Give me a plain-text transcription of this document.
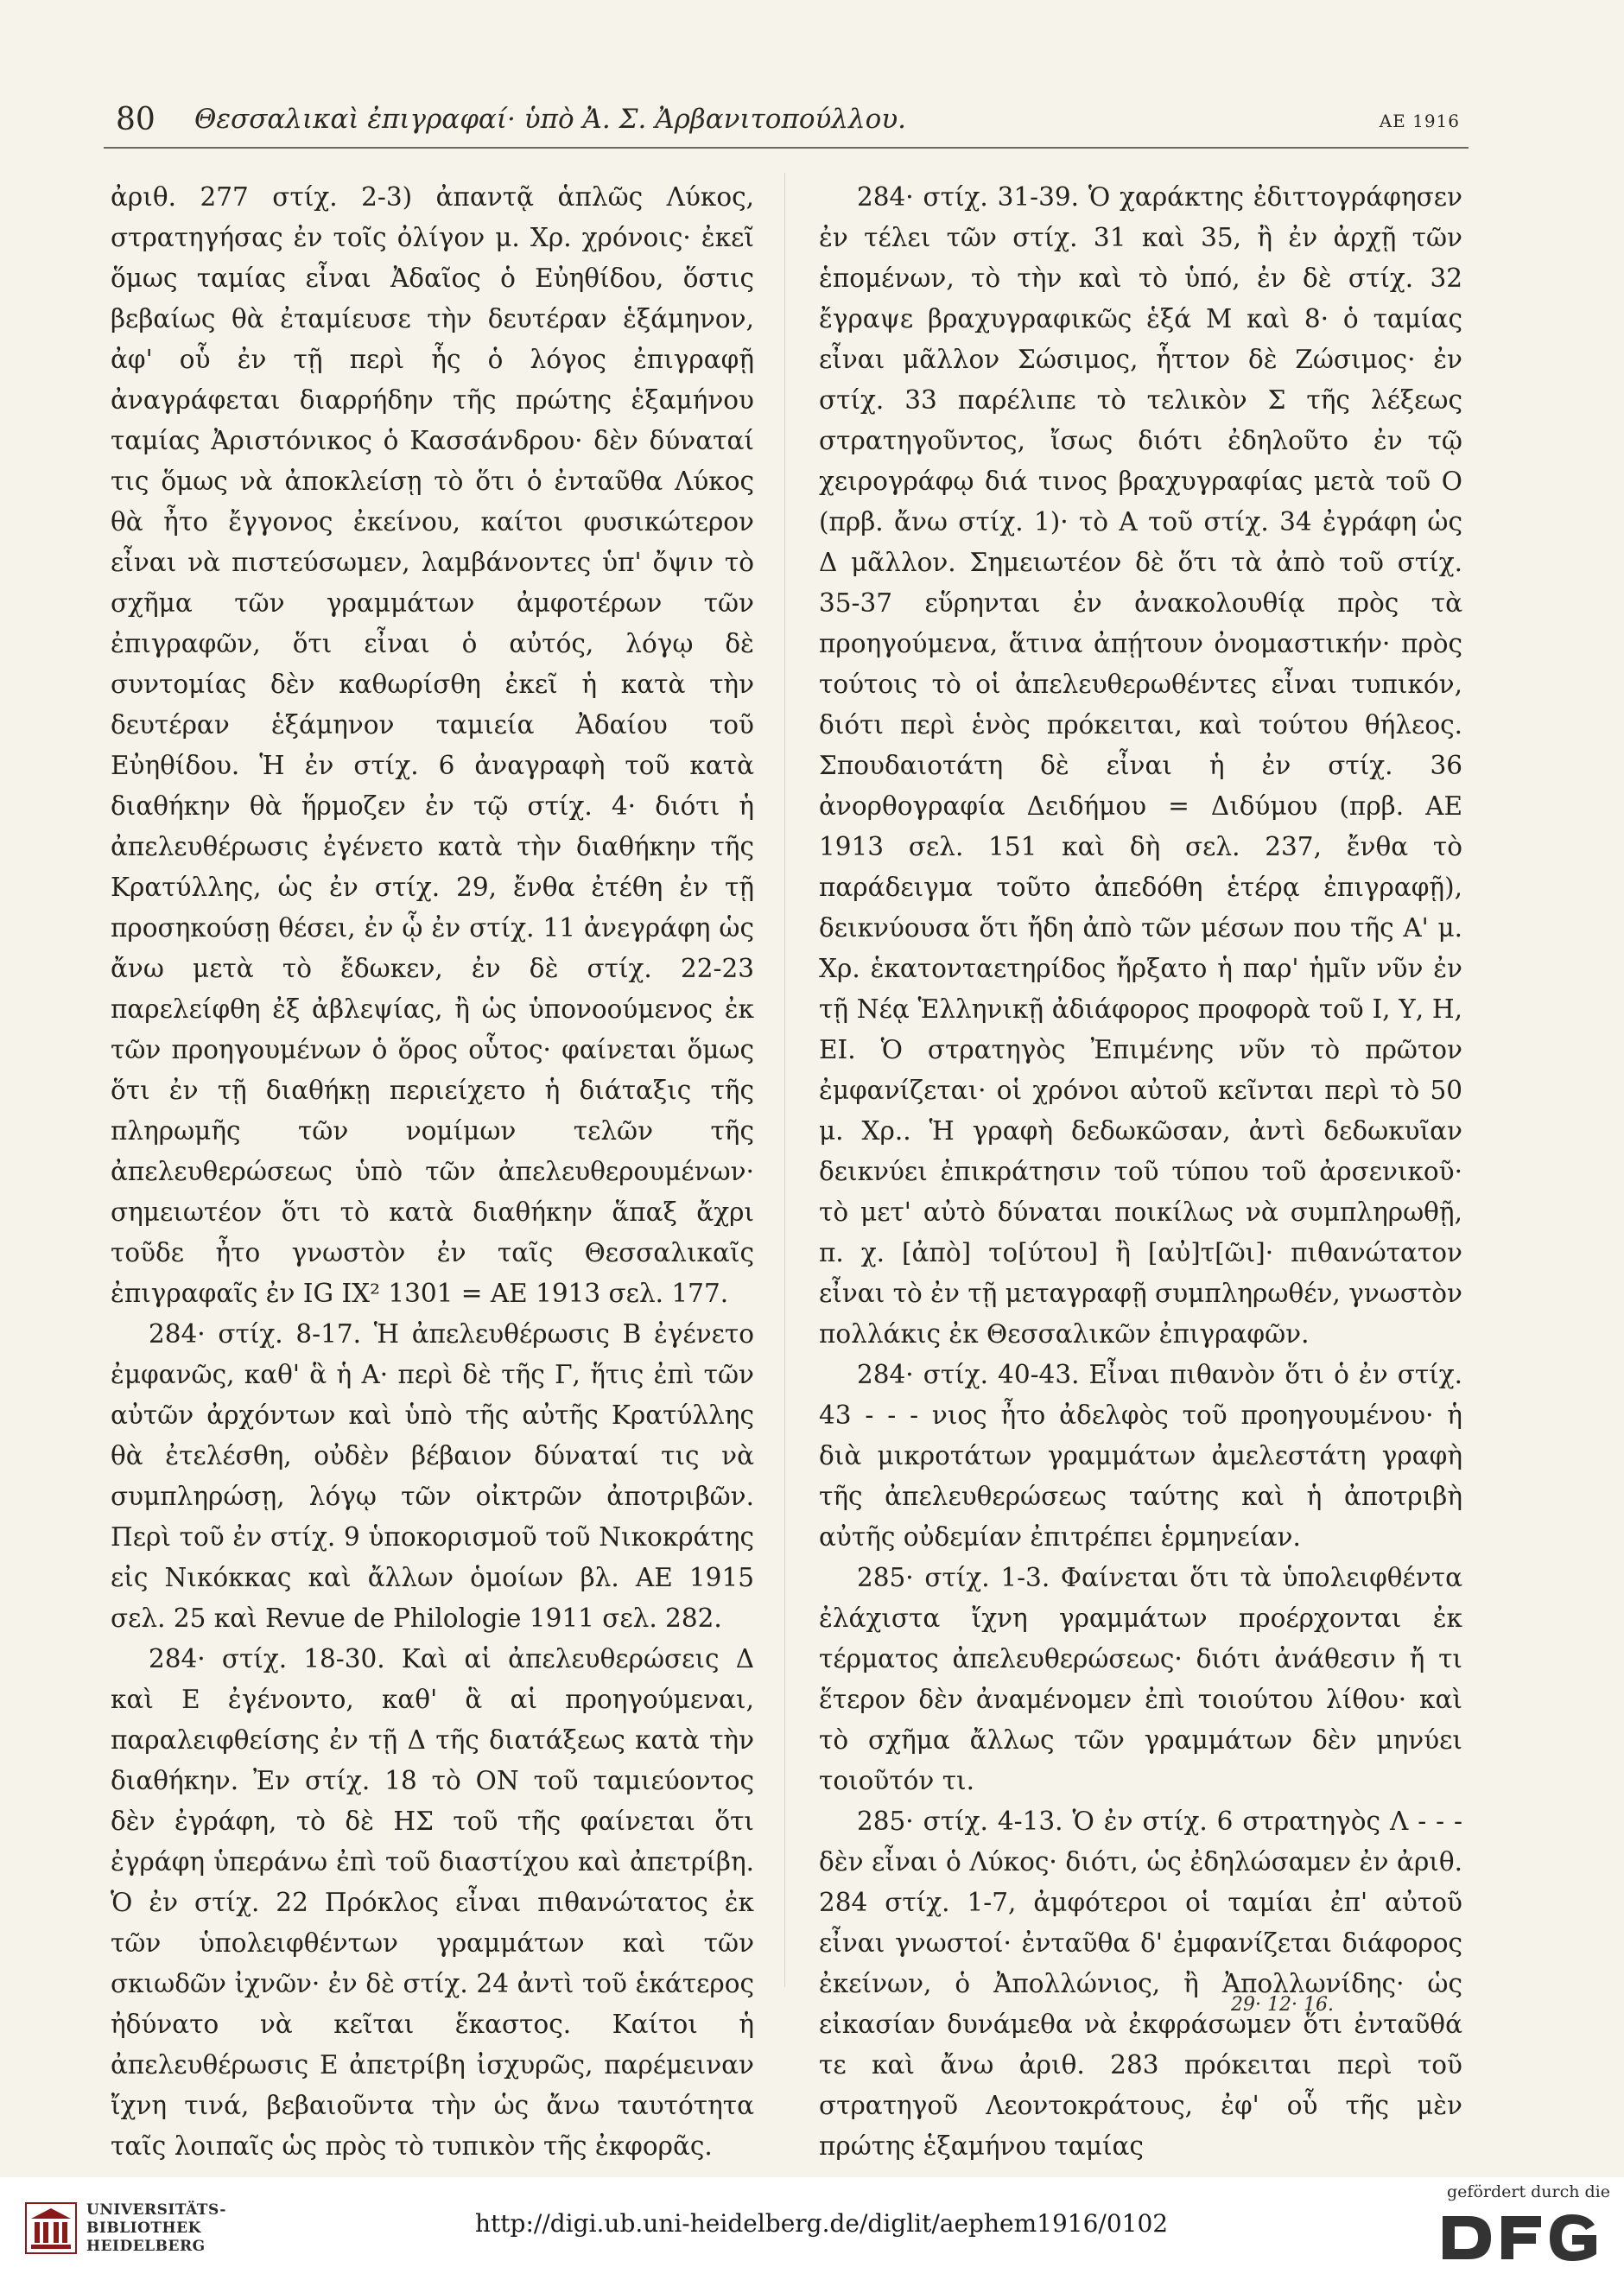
80 Θεσσαλικαὶ ἐπιγραφαί· ὑπὸ Ἀ. Σ. Ἀρβανιτοπούλλου.	ΑΕ 1916

ἀριθ. 277 στίχ. 2-3) ἀπαντᾷ ἁπλῶς Λύκος, στρατηγήσας ἐν τοῖς ὀλίγον μ. Χρ. χρόνοις· ἐκεῖ ὅμως ταμίας εἶναι Ἀδαῖος ὁ Εὐηθίδου, ὅστις βεβαίως θὰ ἐταμίευσε τὴν δευτέραν ἑξάμηνον, ἀφ' οὗ ἐν τῇ περὶ ἧς ὁ λόγος ἐπιγραφῇ ἀναγράφεται διαρρήδην τῆς πρώτης ἑξαμήνου ταμίας Ἀριστόνικος ὁ Κασσάνδρου· δὲν δύναταί τις ὅμως νὰ ἀποκλείσῃ τὸ ὅτι ὁ ἐνταῦθα Λύκος θὰ ἦτο ἔγγονος ἐκείνου, καίτοι φυσικώτερον εἶναι νὰ πιστεύσωμεν, λαμβάνοντες ὑπ' ὄψιν τὸ σχῆμα τῶν γραμμάτων ἀμφοτέρων τῶν ἐπιγραφῶν, ὅτι εἶναι ὁ αὐτός, λόγῳ δὲ συντομίας δὲν καθωρίσθη ἐκεῖ ἡ κατὰ τὴν δευτέραν ἑξάμηνον ταμιεία Ἀδαίου τοῦ Εὐηθίδου. Ἡ ἐν στίχ. 6 ἀναγραφὴ τοῦ κατὰ διαθήκην θὰ ἥρμοζεν ἐν τῷ στίχ. 4· διότι ἡ ἀπελευθέρωσις ἐγένετο κατὰ τὴν διαθήκην τῆς Κρατύλλης, ὡς ἐν στίχ. 29, ἔνθα ἐτέθη ἐν τῇ προσηκούσῃ θέσει, ἐν ᾧ ἐν στίχ. 11 ἀνεγράφη ὡς ἄνω μετὰ τὸ ἔδωκεν, ἐν δὲ στίχ. 22-23 παρελείφθη ἐξ ἀβλεψίας, ἢ ὡς ὑπονοούμενος ἐκ τῶν προηγουμένων ὁ ὅρος οὗτος· φαίνεται ὅμως ὅτι ἐν τῇ διαθήκῃ περιείχετο ἡ διάταξις τῆς πληρωμῆς τῶν νομίμων τελῶν τῆς ἀπελευθερώσεως ὑπὸ τῶν ἀπελευθερουμένων· σημειωτέον ὅτι τὸ κατὰ διαθήκην ἅπαξ ἄχρι τοῦδε ἦτο γνωστὸν ἐν ταῖς Θεσσαλικαῖς ἐπιγραφαῖς ἐν IG IX² 1301 = ΑΕ 1913 σελ. 177.

284· στίχ. 8-17. Ἡ ἀπελευθέρωσις Β ἐγένετο ἐμφανῶς, καθ' ἃ ἡ Α· περὶ δὲ τῆς Γ, ἥτις ἐπὶ τῶν αὐτῶν ἀρχόντων καὶ ὑπὸ τῆς αὐτῆς Κρατύλλης θὰ ἐτελέσθη, οὐδὲν βέβαιον δύναταί τις νὰ συμπληρώσῃ, λόγῳ τῶν οἰκτρῶν ἀποτριβῶν. Περὶ τοῦ ἐν στίχ. 9 ὑποκορισμοῦ τοῦ Νικοκράτης εἰς Νικόκκας καὶ ἄλλων ὁμοίων βλ. ΑΕ 1915 σελ. 25 καὶ Revue de Philologie 1911 σελ. 282.

284· στίχ. 18-30. Καὶ αἱ ἀπελευθερώσεις Δ καὶ Ε ἐγένοντο, καθ' ἃ αἱ προηγούμεναι, παραλειφθείσης ἐν τῇ Δ τῆς διατάξεως κατὰ τὴν διαθήκην. Ἐν στίχ. 18 τὸ ΟΝ τοῦ ταμιεύοντος δὲν ἐγράφη, τὸ δὲ ΗΣ τοῦ τῆς φαίνεται ὅτι ἐγράφη ὑπεράνω ἐπὶ τοῦ διαστίχου καὶ ἀπετρίβη. Ὁ ἐν στίχ. 22 Πρόκλος εἶναι πιθανώτατος ἐκ τῶν ὑπολειφθέντων γραμμάτων καὶ τῶν σκιωδῶν ἰχνῶν· ἐν δὲ στίχ. 24 ἀντὶ τοῦ ἑκάτερος ἠδύνατο νὰ κεῖται ἕκαστος. Καίτοι ἡ ἀπελευθέρωσις Ε ἀπετρίβη ἰσχυρῶς, παρέμειναν ἴχνη τινά, βεβαιοῦντα τὴν ὡς ἄνω ταυτότητα ταῖς λοιπαῖς ὡς πρὸς τὸ τυπικὸν τῆς ἐκφορᾶς.

284· στίχ. 31-39. Ὁ χαράκτης ἐδιττογράφησεν ἐν τέλει τῶν στίχ. 31 καὶ 35, ἢ ἐν ἀρχῇ τῶν ἑπομένων, τὸ τὴν καὶ τὸ ὑπό, ἐν δὲ στίχ. 32 ἔγραψε βραχυγραφικῶς ἑξά Μ καὶ 8· ὁ ταμίας εἶναι μᾶλλον Σώσιμος, ἧττον δὲ Ζώσιμος· ἐν στίχ. 33 παρέλιπε τὸ τελικὸν Σ τῆς λέξεως στρατηγοῦντος, ἴσως διότι ἐδηλοῦτο ἐν τῷ χειρογράφῳ διά τινος βραχυγραφίας μετὰ τοῦ Ο (πρβ. ἄνω στίχ. 1)· τὸ Α τοῦ στίχ. 34 ἐγράφη ὡς Δ μᾶλλον. Σημειωτέον δὲ ὅτι τὰ ἀπὸ τοῦ στίχ. 35-37 εὕρηνται ἐν ἀνακολουθίᾳ πρὸς τὰ προηγούμενα, ἅτινα ἀπῄτουν ὀνομαστικήν· πρὸς τούτοις τὸ οἱ ἀπελευθερωθέντες εἶναι τυπικόν, διότι περὶ ἑνὸς πρόκειται, καὶ τούτου θήλεος. Σπουδαιοτάτη δὲ εἶναι ἡ ἐν στίχ. 36 ἀνορθογραφία Δειδήμου = Διδύμου (πρβ. ΑΕ 1913 σελ. 151 καὶ δὴ σελ. 237, ἔνθα τὸ παράδειγμα τοῦτο ἀπεδόθη ἑτέρᾳ ἐπιγραφῇ), δεικνύουσα ὅτι ἤδη ἀπὸ τῶν μέσων που τῆς Α' μ. Χρ. ἑκατονταετηρίδος ἤρξατο ἡ παρ' ἡμῖν νῦν ἐν τῇ Νέᾳ Ἑλληνικῇ ἀδιάφορος προφορὰ τοῦ Ι, Υ, Η, ΕΙ. Ὁ στρατηγὸς Ἐπιμένης νῦν τὸ πρῶτον ἐμφανίζεται· οἱ χρόνοι αὐτοῦ κεῖνται περὶ τὸ 50 μ. Χρ.. Ἡ γραφὴ δεδωκῶσαν, ἀντὶ δεδωκυῖαν δεικνύει ἐπικράτησιν τοῦ τύπου τοῦ ἀρσενικοῦ· τὸ μετ' αὐτὸ δύναται ποικίλως νὰ συμπληρωθῇ, π. χ. [ἀπὸ] το[ύτου] ἢ [αὐ]τ[ῶι]· πιθανώτατον εἶναι τὸ ἐν τῇ μεταγραφῇ συμπληρωθέν, γνωστὸν πολλάκις ἐκ Θεσσαλικῶν ἐπιγραφῶν.

284· στίχ. 40-43. Εἶναι πιθανὸν ὅτι ὁ ἐν στίχ. 43 - - - νιος ἦτο ἀδελφὸς τοῦ προηγουμένου· ἡ διὰ μικροτάτων γραμμάτων ἀμελεστάτη γραφὴ τῆς ἀπελευθερώσεως ταύτης καὶ ἡ ἀποτριβὴ αὐτῆς οὐδεμίαν ἐπιτρέπει ἑρμηνείαν.

285· στίχ. 1-3. Φαίνεται ὅτι τὰ ὑπολειφθέντα ἐλάχιστα ἴχνη γραμμάτων προέρχονται ἐκ τέρματος ἀπελευθερώσεως· διότι ἀνάθεσιν ἤ τι ἕτερον δὲν ἀναμένομεν ἐπὶ τοιούτου λίθου· καὶ τὸ σχῆμα ἄλλως τῶν γραμμάτων δὲν μηνύει τοιοῦτόν τι.

285· στίχ. 4-13. Ὁ ἐν στίχ. 6 στρατηγὸς Λ - - - δὲν εἶναι ὁ Λύκος· διότι, ὡς ἐδηλώσαμεν ἐν ἀριθ. 284 στίχ. 1-7, ἀμφότεροι οἱ ταμίαι ἐπ' αὐτοῦ εἶναι γνωστοί· ἐνταῦθα δ' ἐμφανίζεται διάφορος ἐκείνων, ὁ Ἀπολλώνιος, ἢ Ἀπολλωνίδης· ὡς εἰκασίαν δυνάμεθα νὰ ἐκφράσωμεν ὅτι ἐνταῦθά τε καὶ ἄνω ἀριθ. 283 πρόκειται περὶ τοῦ στρατηγοῦ Λεοντοκράτους, ἐφ' οὗ τῆς μὲν πρώτης ἑξαμήνου ταμίας

29· 12· 16.
UNIVERSITÄTS-
BIBLIOTHEK
HEIDELBERG
http://digi.ub.uni-heidelberg.de/diglit/aephem1916/0102
gefördert durch die
